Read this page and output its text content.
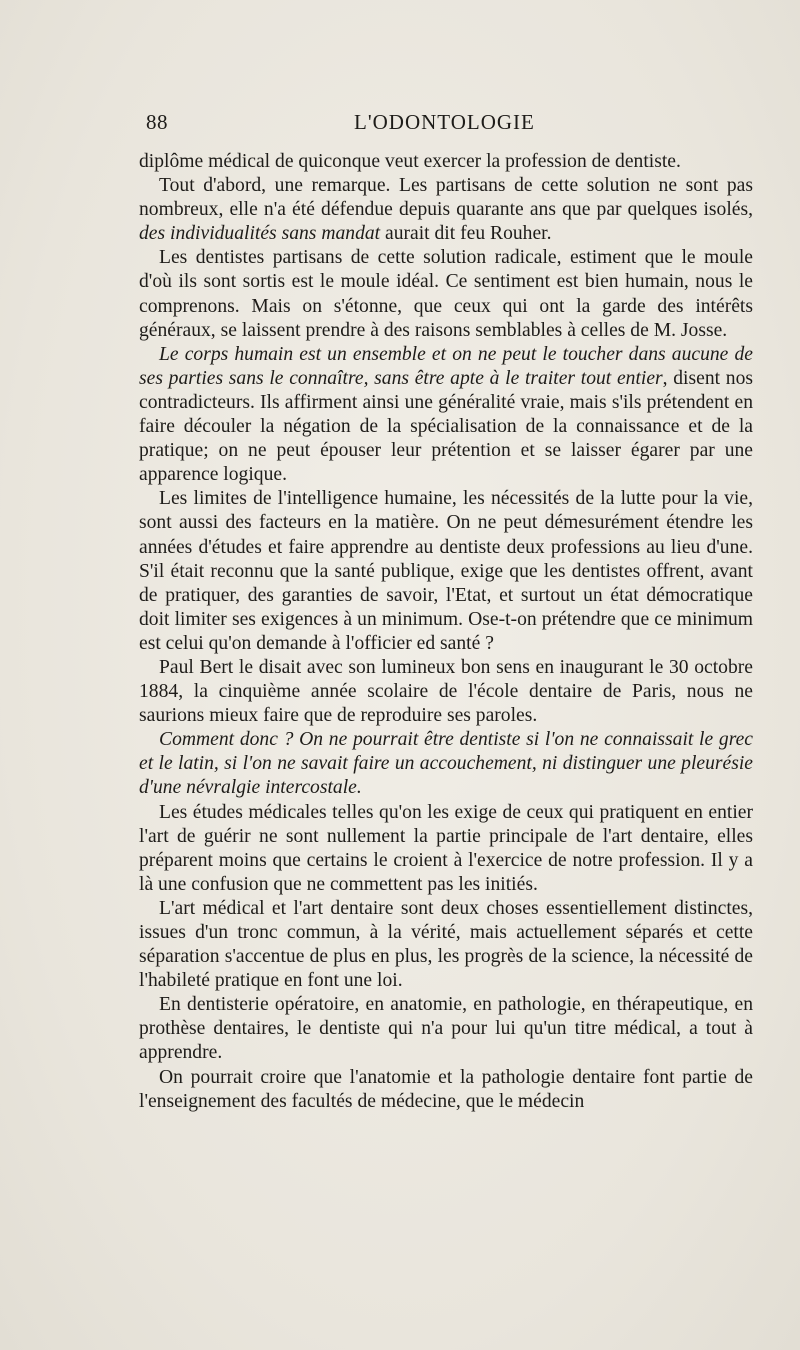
88	L'ODONTOLOGIE

diplôme médical de quiconque veut exercer la profession de dentiste.

Tout d'abord, une remarque. Les partisans de cette solution ne sont pas nombreux, elle n'a été défendue depuis quarante ans que par quelques isolés, des individualités sans mandat aurait dit feu Rouher.

Les dentistes partisans de cette solution radicale, estiment que le moule d'où ils sont sortis est le moule idéal. Ce sentiment est bien humain, nous le comprenons. Mais on s'étonne, que ceux qui ont la garde des intérêts généraux, se laissent prendre à des raisons semblables à celles de M. Josse.

Le corps humain est un ensemble et on ne peut le toucher dans aucune de ses parties sans le connaître, sans être apte à le traiter tout entier, disent nos contradicteurs. Ils affirment ainsi une généralité vraie, mais s'ils prétendent en faire découler la négation de la spécialisation de la connaissance et de la pratique; on ne peut épouser leur prétention et se laisser égarer par une apparence logique.

Les limites de l'intelligence humaine, les nécessités de la lutte pour la vie, sont aussi des facteurs en la matière. On ne peut démesurément étendre les années d'études et faire apprendre au dentiste deux professions au lieu d'une. S'il était reconnu que la santé publique, exige que les dentistes offrent, avant de pratiquer, des garanties de savoir, l'Etat, et surtout un état démocratique doit limiter ses exigences à un minimum. Ose-t-on prétendre que ce minimum est celui qu'on demande à l'officier ed santé ?

Paul Bert le disait avec son lumineux bon sens en inaugurant le 30 octobre 1884, la cinquième année scolaire de l'école dentaire de Paris, nous ne saurions mieux faire que de reproduire ses paroles.

Comment donc ? On ne pourrait être dentiste si l'on ne connaissait le grec et le latin, si l'on ne savait faire un accouchement, ni distinguer une pleurésie d'une névralgie intercostale.

Les études médicales telles qu'on les exige de ceux qui pratiquent en entier l'art de guérir ne sont nullement la partie principale de l'art dentaire, elles préparent moins que certains le croient à l'exercice de notre profession. Il y a là une confusion que ne commettent pas les initiés.

L'art médical et l'art dentaire sont deux choses essentiellement distinctes, issues d'un tronc commun, à la vérité, mais actuellement séparés et cette séparation s'accentue de plus en plus, les progrès de la science, la nécessité de l'habileté pratique en font une loi.

En dentisterie opératoire, en anatomie, en pathologie, en thérapeutique, en prothèse dentaires, le dentiste qui n'a pour lui qu'un titre médical, a tout à apprendre.

On pourrait croire que l'anatomie et la pathologie dentaire font partie de l'enseignement des facultés de médecine, que le médecin
